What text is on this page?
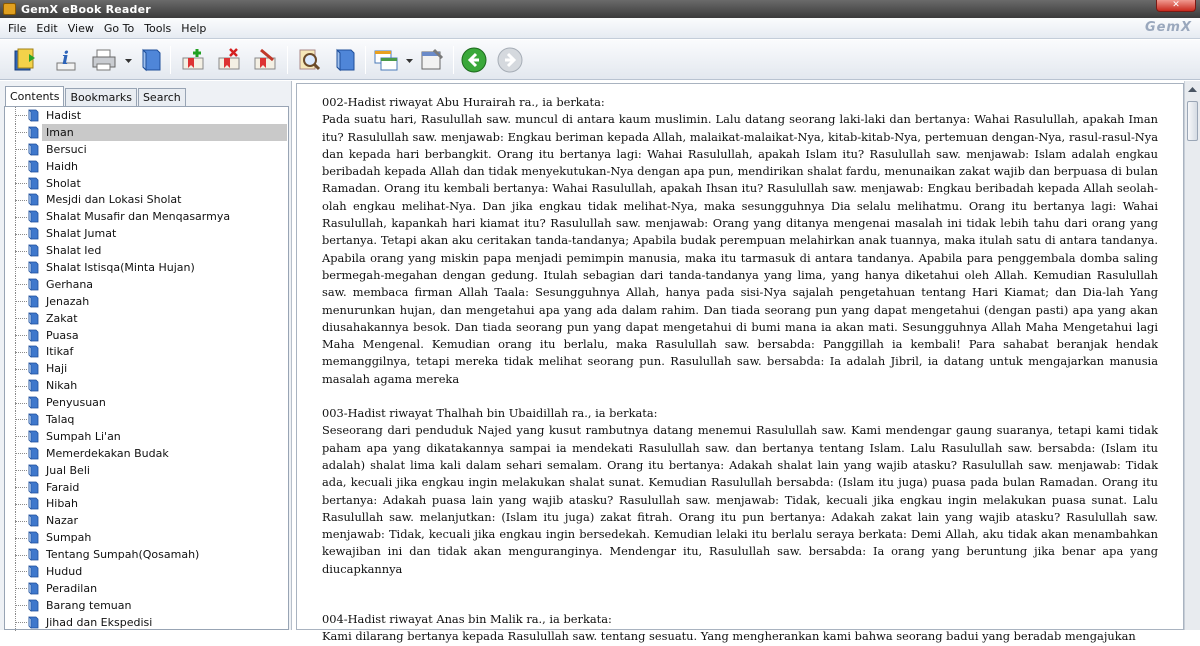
GemX eBook Reader	✕
File Edit View Go To Tools Help	GemX
i
Contents	Bookmarks	Search
Hadist
Iman
Bersuci
Haidh
Sholat
Mesjdi dan Lokasi Sholat
Shalat Musafir dan Menqasarmya
Shalat Jumat
Shalat Ied
Shalat Istisqa(Minta Hujan)
Gerhana
Jenazah
Zakat
Puasa
Itikaf
Haji
Nikah
Penyusuan
Talaq
Sumpah Li'an
Memerdekakan Budak
Jual Beli
Faraid
Hibah
Nazar
Sumpah
Tentang Sumpah(Qosamah)
Hudud
Peradilan
Barang temuan
Jihad dan Ekspedisi

002-Hadist riwayat Abu Hurairah ra., ia berkata:

Pada suatu hari, Rasulullah saw. muncul di antara kaum muslimin. Lalu datang seorang laki-laki dan bertanya: Wahai Rasulullah, apakah Iman itu? Rasulullah saw. menjawab: Engkau beriman kepada Allah, malaikat-malaikat-Nya, kitab-kitab-Nya, pertemuan dengan-Nya, rasul-rasul-Nya dan kepada hari berbangkit. Orang itu bertanya lagi: Wahai Rasulullah, apakah Islam itu? Rasulullah saw. menjawab: Islam adalah engkau beribadah kepada Allah dan tidak menyekutukan-Nya dengan apa pun, mendirikan shalat fardu, menunaikan zakat wajib dan berpuasa di bulan Ramadan. Orang itu kembali bertanya: Wahai Rasulullah, apakah Ihsan itu? Rasulullah saw. menjawab: Engkau beribadah kepada Allah seolah-olah engkau melihat-Nya. Dan jika engkau tidak melihat-Nya, maka sesungguhnya Dia selalu melihatmu. Orang itu bertanya lagi: Wahai Rasulullah, kapankah hari kiamat itu? Rasulullah saw. menjawab: Orang yang ditanya mengenai masalah ini tidak lebih tahu dari orang yang bertanya. Tetapi akan aku ceritakan tanda-tandanya; Apabila budak perempuan melahirkan anak tuannya, maka itulah satu di antara tandanya. Apabila orang yang miskin papa menjadi pemimpin manusia, maka itu tarmasuk di antara tandanya. Apabila para penggembala domba saling bermegah-megahan dengan gedung. Itulah sebagian dari tanda-tandanya yang lima, yang hanya diketahui oleh Allah. Kemudian Rasulullah saw. membaca firman Allah Taala: Sesungguhnya Allah, hanya pada sisi-Nya sajalah pengetahuan tentang Hari Kiamat; dan Dia-lah Yang menurunkan hujan, dan mengetahui apa yang ada dalam rahim. Dan tiada seorang pun yang dapat mengetahui (dengan pasti) apa yang akan diusahakannya besok. Dan tiada seorang pun yang dapat mengetahui di bumi mana ia akan mati. Sesungguhnya Allah Maha Mengetahui lagi Maha Mengenal. Kemudian orang itu berlalu, maka Rasulullah saw. bersabda: Panggillah ia kembali! Para sahabat beranjak hendak memanggilnya, tetapi mereka tidak melihat seorang pun. Rasulullah saw. bersabda: Ia adalah Jibril, ia datang untuk mengajarkan manusia masalah agama mereka

003-Hadist riwayat Thalhah bin Ubaidillah ra., ia berkata:

Seseorang dari penduduk Najed yang kusut rambutnya datang menemui Rasulullah saw. Kami mendengar gaung suaranya, tetapi kami tidak paham apa yang dikatakannya sampai ia mendekati Rasulullah saw. dan bertanya tentang Islam. Lalu Rasulullah saw. bersabda: (Islam itu adalah) shalat lima kali dalam sehari semalam. Orang itu bertanya: Adakah shalat lain yang wajib atasku? Rasulullah saw. menjawab: Tidak ada, kecuali jika engkau ingin melakukan shalat sunat. Kemudian Rasulullah bersabda: (Islam itu juga) puasa pada bulan Ramadan. Orang itu bertanya: Adakah puasa lain yang wajib atasku? Rasulullah saw. menjawab: Tidak, kecuali jika engkau ingin melakukan puasa sunat. Lalu Rasulullah saw. melanjutkan: (Islam itu juga) zakat fitrah. Orang itu pun bertanya: Adakah zakat lain yang wajib atasku? Rasulullah saw. menjawab: Tidak, kecuali jika engkau ingin bersedekah. Kemudian lelaki itu berlalu seraya berkata: Demi Allah, aku tidak akan menambahkan kewajiban ini dan tidak akan menguranginya. Mendengar itu, Rasulullah saw. bersabda: Ia orang yang beruntung jika benar apa yang diucapkannya

004-Hadist riwayat Anas bin Malik ra., ia berkata:

Kami dilarang bertanya kepada Rasulullah saw. tentang sesuatu. Yang mengherankan kami bahwa seorang badui yang beradab mengajukan
